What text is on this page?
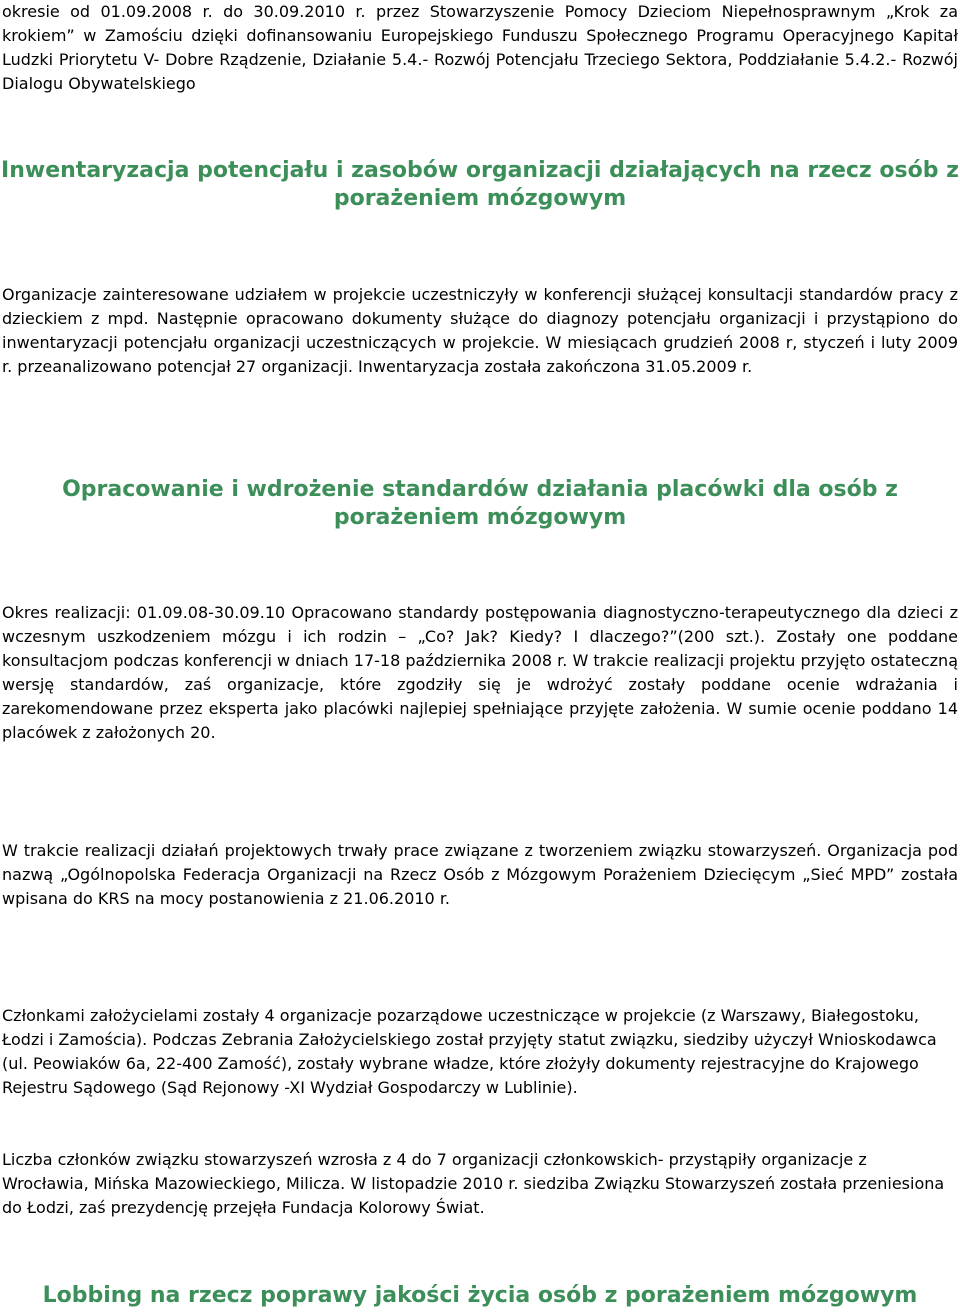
okresie od 01.09.2008 r. do 30.09.2010 r. przez Stowarzyszenie Pomocy Dzieciom Niepełnosprawnym „Krok za krokiem” w Zamościu dzięki dofinansowaniu Europejskiego Funduszu Społecznego Programu Operacyjnego Kapitał Ludzki Priorytetu V- Dobre Rządzenie, Działanie 5.4.- Rozwój Potencjału Trzeciego Sektora, Poddziałanie 5.4.2.- Rozwój Dialogu Obywatelskiego

Inwentaryzacja potencjału i zasobów organizacji działających na rzecz osób z porażeniem mózgowym

Organizacje zainteresowane udziałem w projekcie uczestniczyły w konferencji służącej konsultacji standardów pracy z dzieckiem z mpd. Następnie opracowano dokumenty służące do diagnozy potencjału organizacji i przystąpiono do inwentaryzacji potencjału organizacji uczestniczących w projekcie. W miesiącach grudzień 2008 r, styczeń i luty 2009 r. przeanalizowano potencjał 27 organizacji. Inwentaryzacja została zakończona 31.05.2009 r.

Opracowanie i wdrożenie standardów działania placówki dla osób z porażeniem mózgowym

Okres realizacji: 01.09.08-30.09.10 Opracowano standardy postępowania diagnostyczno-terapeutycznego dla dzieci z wczesnym uszkodzeniem mózgu i ich rodzin – „Co? Jak? Kiedy? I dlaczego?”(200 szt.). Zostały one poddane konsultacjom podczas konferencji w dniach 17-18 października 2008 r. W trakcie realizacji projektu przyjęto ostateczną wersję standardów, zaś organizacje, które zgodziły się je wdrożyć zostały poddane ocenie wdrażania i zarekomendowane przez eksperta jako placówki najlepiej spełniające przyjęte założenia. W sumie ocenie poddano 14 placówek z założonych 20.

W trakcie realizacji działań projektowych trwały prace związane z tworzeniem związku stowarzyszeń. Organizacja pod nazwą „Ogólnopolska Federacja Organizacji na Rzecz Osób z Mózgowym Porażeniem Dziecięcym „Sieć MPD” została wpisana do KRS na mocy postanowienia z 21.06.2010 r.

Członkami założycielami zostały 4 organizacje pozarządowe uczestniczące w projekcie (z Warszawy, Białegostoku, Łodzi i Zamościa). Podczas Zebrania Założycielskiego został przyjęty statut związku, siedziby użyczył Wnioskodawca (ul. Peowiaków 6a, 22-400 Zamość), zostały wybrane władze, które złożyły dokumenty rejestracyjne do Krajowego Rejestru Sądowego (Sąd Rejonowy -XI Wydział Gospodarczy w Lublinie).

Liczba członków związku stowarzyszeń wzrosła z 4 do 7 organizacji członkowskich- przystąpiły organizacje z Wrocławia, Mińska Mazowieckiego, Milicza. W listopadzie 2010 r. siedziba Związku Stowarzyszeń została przeniesiona do Łodzi, zaś prezydencję przejęła Fundacja Kolorowy Świat.

Lobbing na rzecz poprawy jakości życia osób z porażeniem mózgowym
